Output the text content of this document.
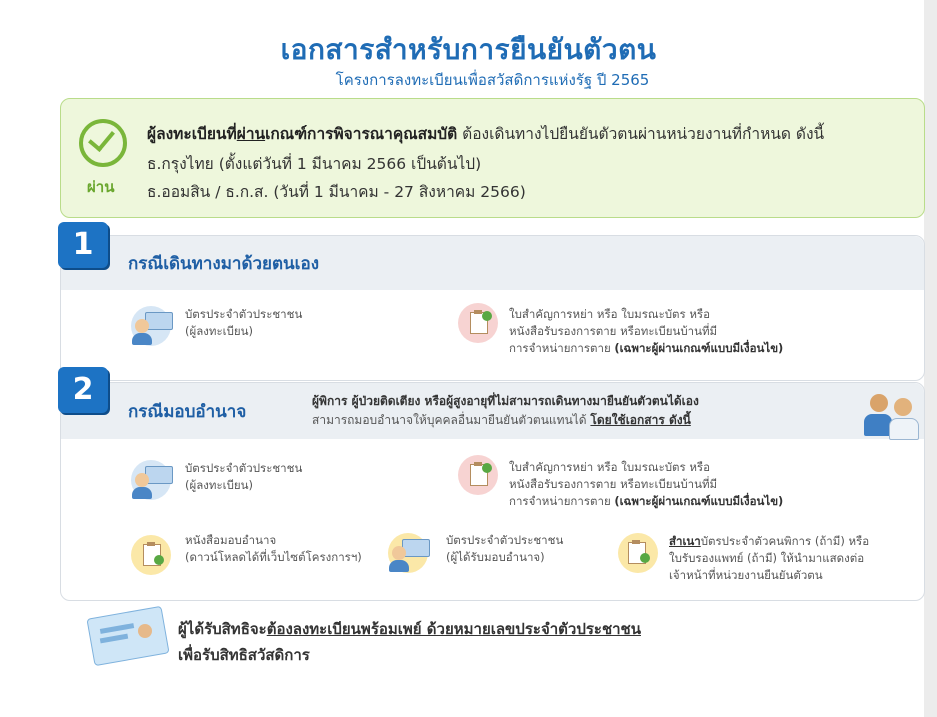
เอกสารสำหรับการยืนยันตัวตน
โครงการลงทะเบียนเพื่อสวัสดิการแห่งรัฐ ปี 2565
ผ่าน
ผู้ลงทะเบียนที่ผ่านเกณฑ์การพิจารณาคุณสมบัติ ต้องเดินทางไปยืนยันตัวตนผ่านหน่วยงานที่กำหนด ดังนี้
ธ.กรุงไทย (ตั้งแต่วันที่ 1 มีนาคม 2566 เป็นต้นไป)
ธ.ออมสิน / ธ.ก.ส. (วันที่ 1 มีนาคม - 27 สิงหาคม 2566)
1
กรณีเดินทางมาด้วยตนเอง
บัตรประจำตัวประชาชน
(ผู้ลงทะเบียน)
ใบสำคัญการหย่า หรือ ใบมรณะบัตร หรือ
หนังสือรับรองการตาย หรือทะเบียนบ้านที่มี
การจำหน่ายการตาย (เฉพาะผู้ผ่านเกณฑ์แบบมีเงื่อนไข)
2
กรณีมอบอำนาจ
ผู้พิการ ผู้ป่วยติดเตียง หรือผู้สูงอายุที่ไม่สามารถเดินทางมายืนยันตัวตนได้เอง
สามารถมอบอำนาจให้บุคคลอื่นมายืนยันตัวตนแทนได้ โดยใช้เอกสาร ดังนี้
บัตรประจำตัวประชาชน
(ผู้ลงทะเบียน)
ใบสำคัญการหย่า หรือ ใบมรณะบัตร หรือ
หนังสือรับรองการตาย หรือทะเบียนบ้านที่มี
การจำหน่ายการตาย (เฉพาะผู้ผ่านเกณฑ์แบบมีเงื่อนไข)
หนังสือมอบอำนาจ
(ดาวน์โหลดได้ที่เว็บไซต์โครงการฯ)
บัตรประจำตัวประชาชน
(ผู้ได้รับมอบอำนาจ)
สำเนาบัตรประจำตัวคนพิการ (ถ้ามี) หรือ
ใบรับรองแพทย์ (ถ้ามี) ให้นำมาแสดงต่อ
เจ้าหน้าที่หน่วยงานยืนยันตัวตน
ผู้ได้รับสิทธิจะต้องลงทะเบียนพร้อมเพย์ ด้วยหมายเลขประจำตัวประชาชน
เพื่อรับสิทธิสวัสดิการ
